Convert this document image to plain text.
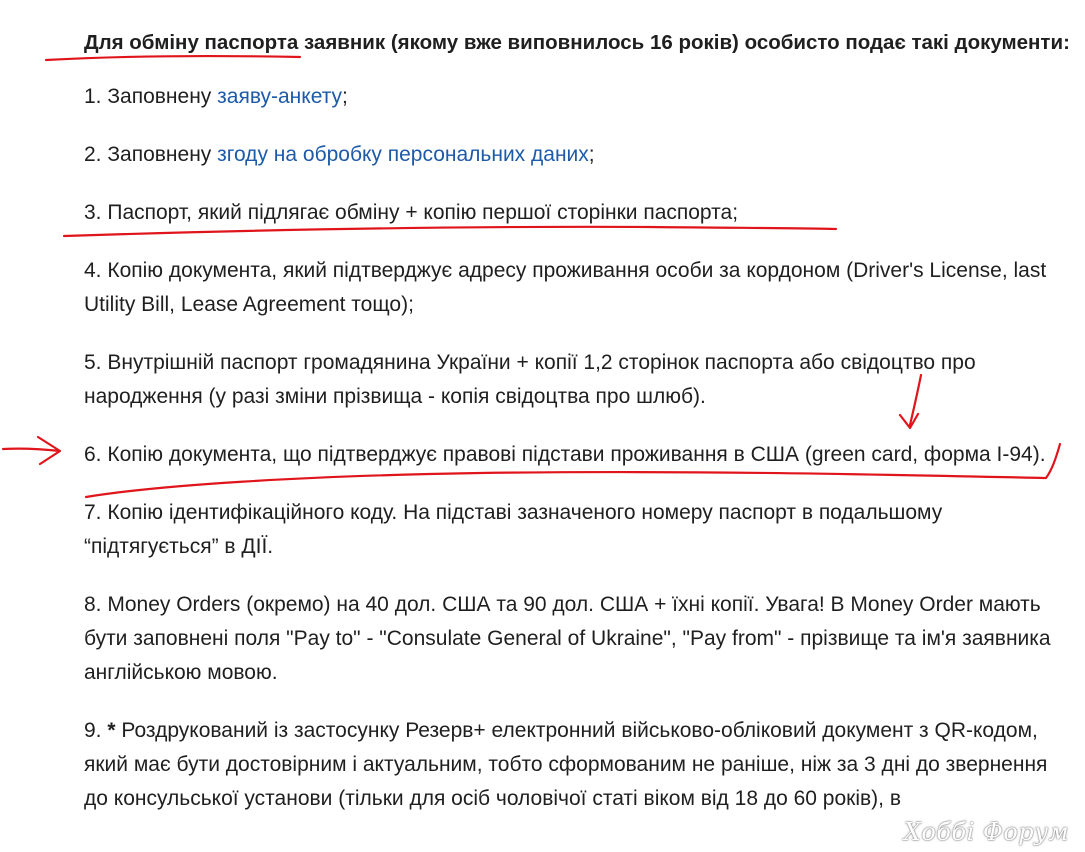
Для обміну паспорта заявник (якому вже виповнилось 16 років) особисто подає такі документи:

1. Заповнену заяву-анкету;

2. Заповнену згоду на обробку персональних даних;

3. Паспорт, який підлягає обміну + копію першої сторінки паспорта;

4. Копію документа, який підтверджує адресу проживання особи за кордоном (Driver's License, last Utility Bill, Lease Agreement тощо);

5. Внутрішній паспорт громадянина України + копії 1,2 сторінок паспорта або свідоцтво про народження (у разі зміни прізвища - копія свідоцтва про шлюб).

6. Копію документа, що підтверджує правові підстави проживання в США (green card, форма І-94).

7. Копію ідентифікаційного коду. На підставі зазначеного номеру паспорт в подальшому “підтягується” в ДІЇ.

8. Money Orders (окремо) на 40 дол. США та 90 дол. США + їхні копії. Увага! В Money Order мають бути заповнені поля "Pay to" - "Consulate General of Ukraine", "Pay from" - прізвище та ім'я заявника англійською мовою.

9. * Роздрукований із застосунку Резерв+ електронний військово-обліковий документ з QR-кодом, який має бути достовірним і актуальним, тобто сформованим не раніше, ніж за 3 дні до звернення до консульської установи (тільки для осіб чоловічої статі віком від 18 до 60 років), в

Хоббі Форум
